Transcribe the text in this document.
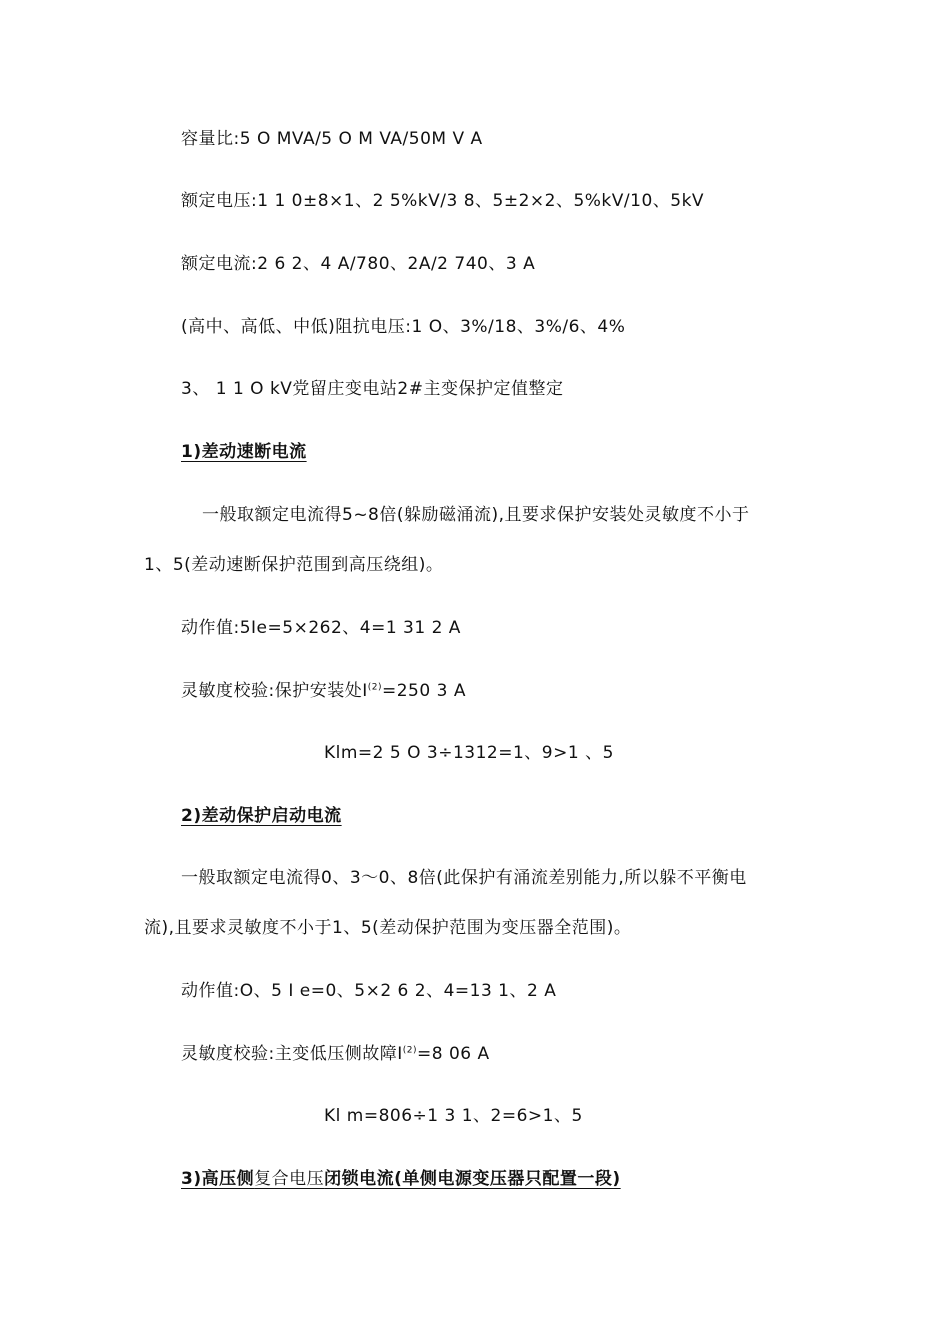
容量比:5 O MVA/5 O M VA/50M V A
额定电压:1 1 0±8×1、2 5%kV/3 8、5±2×2、5%kV/10、5kV
额定电流:2 6 2、4 A/780、2A/2 740、3 A
(高中、高低、中低)阻抗电压:1 O、3%/18、3%/6、4%
3、 1 1 O kV党留庄变电站2#主变保护定值整定
1)差动速断电流
一般取额定电流得5~8倍(躲励磁涌流),且要求保护安装处灵敏度不小于
1、5(差动速断保护范围到高压绕组)。
动作值:5Ie=5×262、4=1 31 2 A
灵敏度校验:保护安装处$I^{(2)}=250$ 3 A
Klm=2 5 O 3÷1312=1、9>1 、5
2)差动保护启动电流
一般取额定电流得0、3～0、8倍(此保护有涌流差别能力,所以躲不平衡电
流),且要求灵敏度不小于1、5(差动保护范围为变压器全范围)。
动作值:O、5 I e=0、5×2 6 2、4=13 1、2 A
灵敏度校验:主变低压侧故障$I^{(2)}=8$ 06 A
Kl m=806÷1 3 1、2=6>1、5
3)高压侧复合电压闭锁电流(单侧电源变压器只配置一段)
